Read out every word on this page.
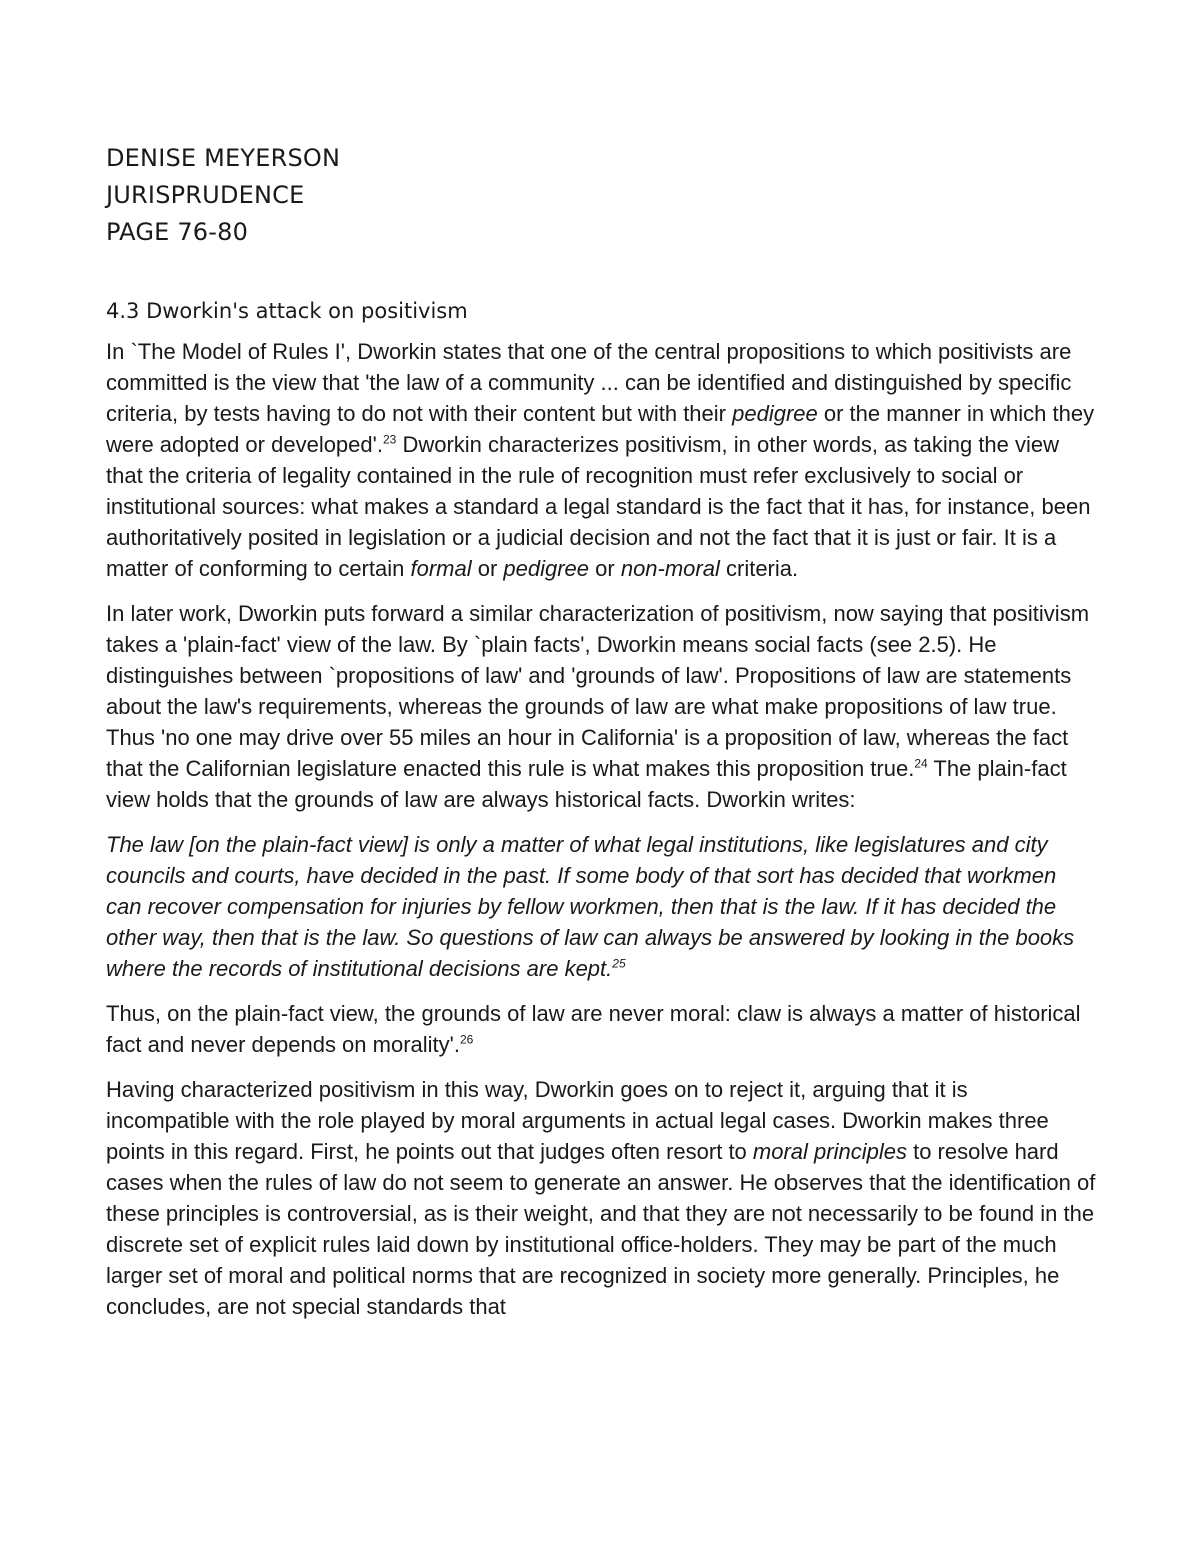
DENISE MEYERSON
JURISPRUDENCE
PAGE 76-80
4.3 Dworkin's attack on positivism

In `The Model of Rules I', Dworkin states that one of the central propositions to which positivists are committed is the view that 'the law of a community ... can be identified and distinguished by specific criteria, by tests having to do not with their content but with their pedigree or the manner in which they were adopted or developed'.$^{23}$ Dworkin characterizes positivism, in other words, as taking the view that the criteria of legality contained in the rule of recognition must refer exclusively to social or institutional sources: what makes a standard a legal standard is the fact that it has, for instance, been authoritatively posited in legislation or a judicial decision and not the fact that it is just or fair. It is a matter of conforming to certain formal or pedigree or non-moral criteria.

In later work, Dworkin puts forward a similar characterization of positivism, now saying that positivism takes a 'plain-fact' view of the law. By `plain facts', Dworkin means social facts (see 2.5). He distinguishes between `propositions of law' and 'grounds of law'. Propositions of law are statements about the law's requirements, whereas the grounds of law are what make propositions of law true. Thus 'no one may drive over 55 miles an hour in California' is a proposition of law, whereas the fact that the Californian legislature enacted this rule is what makes this proposition true.$^{24}$ The plain-fact view holds that the grounds of law are always historical facts. Dworkin writes:

The law [on the plain-fact view] is only a matter of what legal institutions, like legislatures and city councils and courts, have decided in the past. If some body of that sort has decided that workmen can recover compensation for injuries by fellow workmen, then that is the law. If it has decided the other way, then that is the law. So questions of law can always be answered by looking in the books where the records of institutional decisions are kept.$^{25}$

Thus, on the plain-fact view, the grounds of law are never moral: claw is always a matter of historical fact and never depends on morality'.$^{26}$

Having characterized positivism in this way, Dworkin goes on to reject it, arguing that it is incompatible with the role played by moral arguments in actual legal cases. Dworkin makes three points in this regard. First, he points out that judges often resort to moral principles to resolve hard cases when the rules of law do not seem to generate an answer. He observes that the identification of these principles is controversial, as is their weight, and that they are not necessarily to be found in the discrete set of explicit rules laid down by institutional office-holders. They may be part of the much larger set of moral and political norms that are recognized in society more generally. Principles, he concludes, are not special standards that
